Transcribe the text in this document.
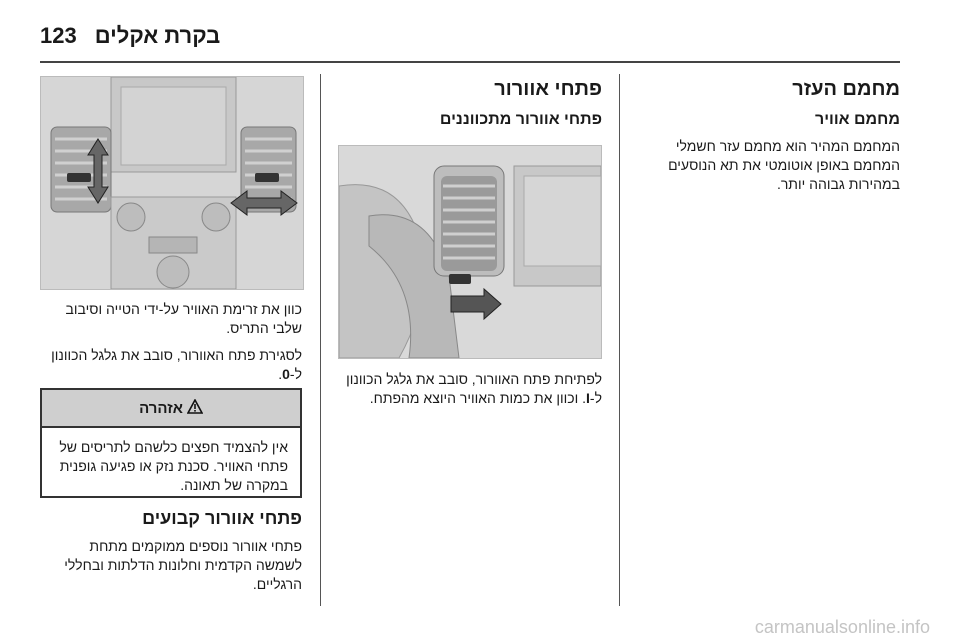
123 בקרת אקלים
מחמם העזר
מחמם אוויר
המחמם המהיר הוא מחמם עזר חשמלי המחמם באופן אוטומטי את תא הנוסעים במהירות גבוהה יותר.
פתחי אוורור
פתחי אוורור מתכווננים
לפתיחת פתח האוורור, סובב את גלגל הכוונון ל-I. וכוון את כמות האוויר היוצא מהפתח.
כוון את זרימת האוויר על-ידי הטייה וסיבוב שלבי התריס.
לסגירת פתח האוורור, סובב את גלגל הכוונון ל-0.
אזהרה
אין להצמיד חפצים כלשהם לתריסים של פתחי האוויר. סכנת נזק או פגיעה גופנית במקרה של תאונה.
פתחי אוורור קבועים
פתחי אוורור נוספים ממוקמים מתחת לשמשה הקדמית וחלונות הדלתות ובחללי הרגליים.
carmanualsonline.info
